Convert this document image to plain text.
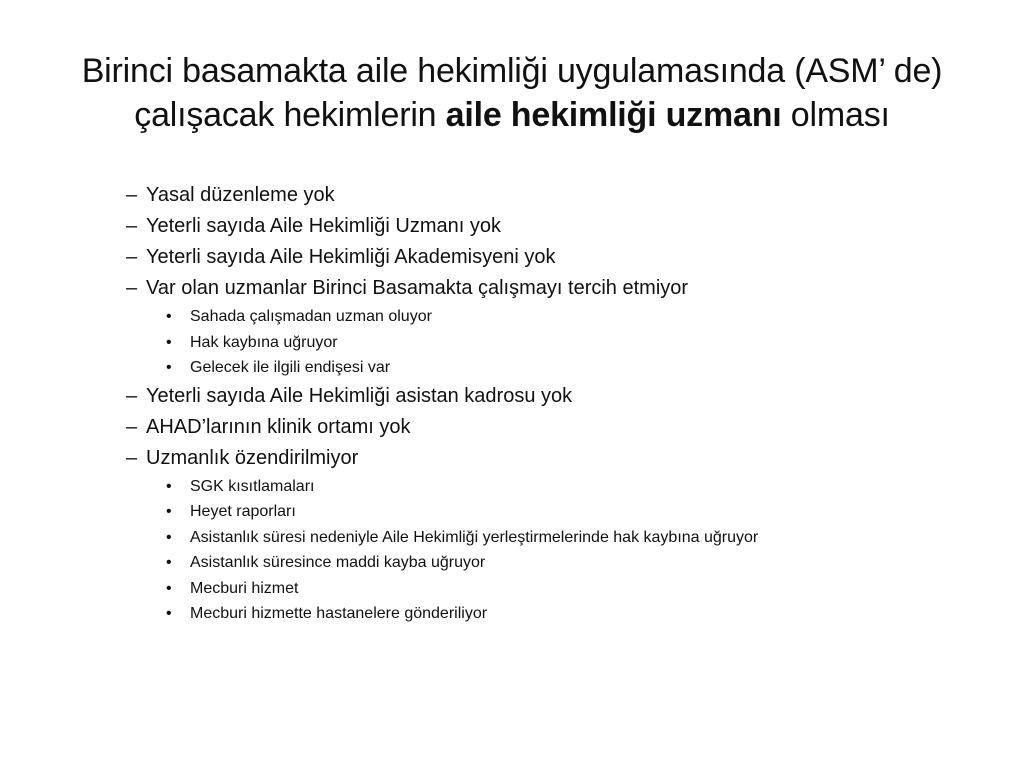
Birinci basamakta aile hekimliği uygulamasında (ASM’ de) çalışacak hekimlerin aile hekimliği uzmanı olması
– Yasal düzenleme yok
– Yeterli sayıda Aile Hekimliği Uzmanı yok
– Yeterli sayıda Aile Hekimliği Akademisyeni yok
– Var olan uzmanlar Birinci Basamakta çalışmayı tercih etmiyor
• Sahada çalışmadan uzman oluyor
• Hak kaybına uğruyor
• Gelecek ile ilgili endişesi var
– Yeterli sayıda Aile Hekimliği asistan kadrosu yok
– AHAD’larının klinik ortamı yok
– Uzmanlık özendirilmiyor
• SGK kısıtlamaları
• Heyet raporları
• Asistanlık süresi nedeniyle Aile Hekimliği yerleştirmelerinde hak kaybına uğruyor
• Asistanlık süresince maddi kayba uğruyor
• Mecburi hizmet
• Mecburi hizmette hastanelere gönderiliyor
